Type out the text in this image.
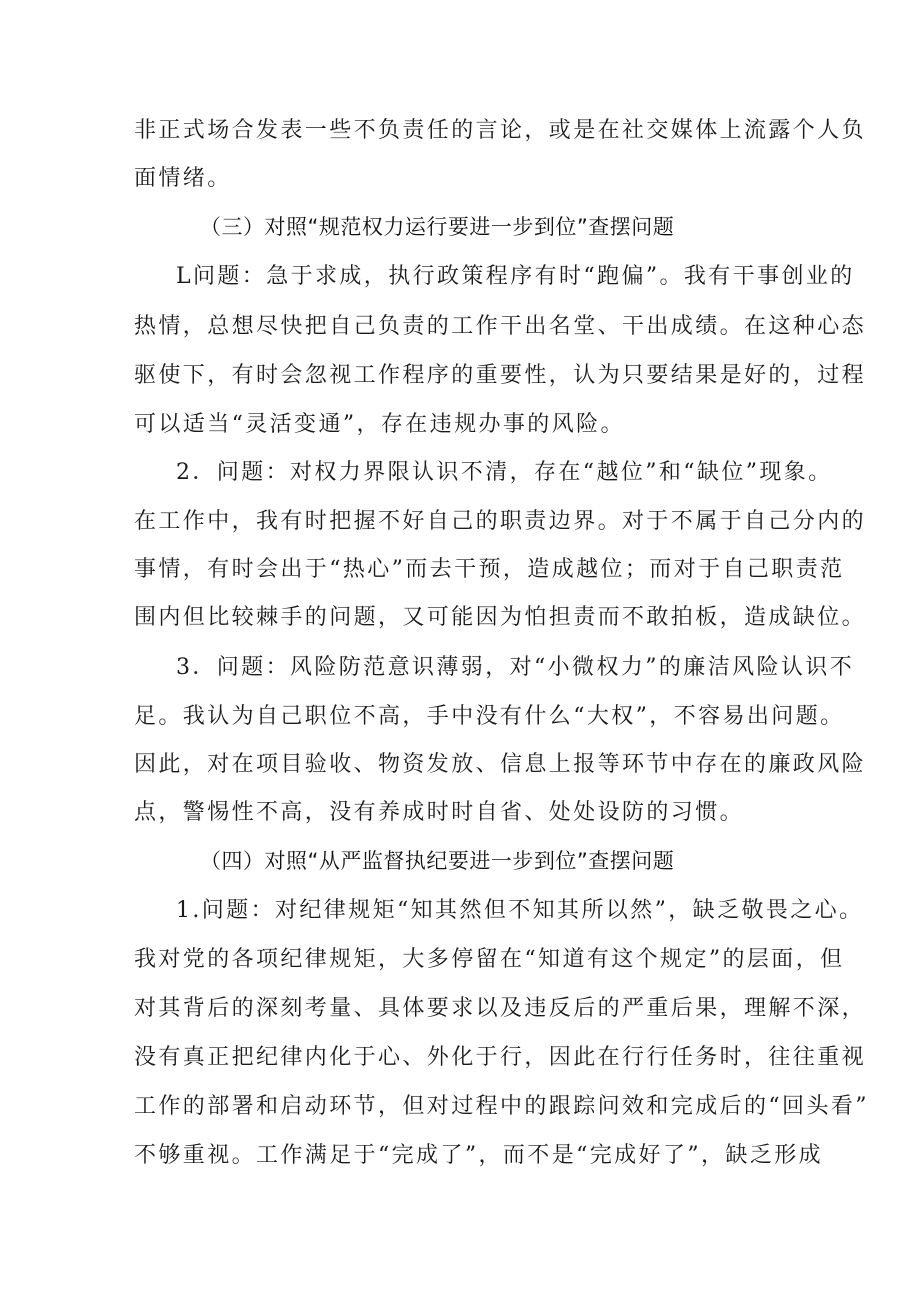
非正式场合发表一些不负责任的言论，或是在社交媒体上流露个人负
面情绪。
（三）对照“规范权力运行要进一步到位”查摆问题
L问题：急于求成，执行政策程序有时“跑偏”。我有干事创业的
热情，总想尽快把自己负责的工作干出名堂、干出成绩。在这种心态
驱使下，有时会忽视工作程序的重要性，认为只要结果是好的，过程
可以适当“灵活变通”，存在违规办事的风险。
2．问题：对权力界限认识不清，存在“越位”和“缺位”现象。
在工作中，我有时把握不好自己的职责边界。对于不属于自己分内的
事情，有时会出于“热心”而去干预，造成越位；而对于自己职责范
围内但比较棘手的问题，又可能因为怕担责而不敢拍板，造成缺位。
3．问题：风险防范意识薄弱，对“小微权力”的廉洁风险认识不
足。我认为自己职位不高，手中没有什么“大权”，不容易出问题。
因此，对在项目验收、物资发放、信息上报等环节中存在的廉政风险
点，警惕性不高，没有养成时时自省、处处设防的习惯。
（四）对照“从严监督执纪要进一步到位”查摆问题
1.问题：对纪律规矩“知其然但不知其所以然”，缺乏敬畏之心。
我对党的各项纪律规矩，大多停留在“知道有这个规定”的层面，但
对其背后的深刻考量、具体要求以及违反后的严重后果，理解不深，
没有真正把纪律内化于心、外化于行，因此在行行任务时，往往重视
工作的部署和启动环节，但对过程中的跟踪问效和完成后的“回头看”
不够重视。工作满足于“完成了”，而不是“完成好了”，缺乏形成
